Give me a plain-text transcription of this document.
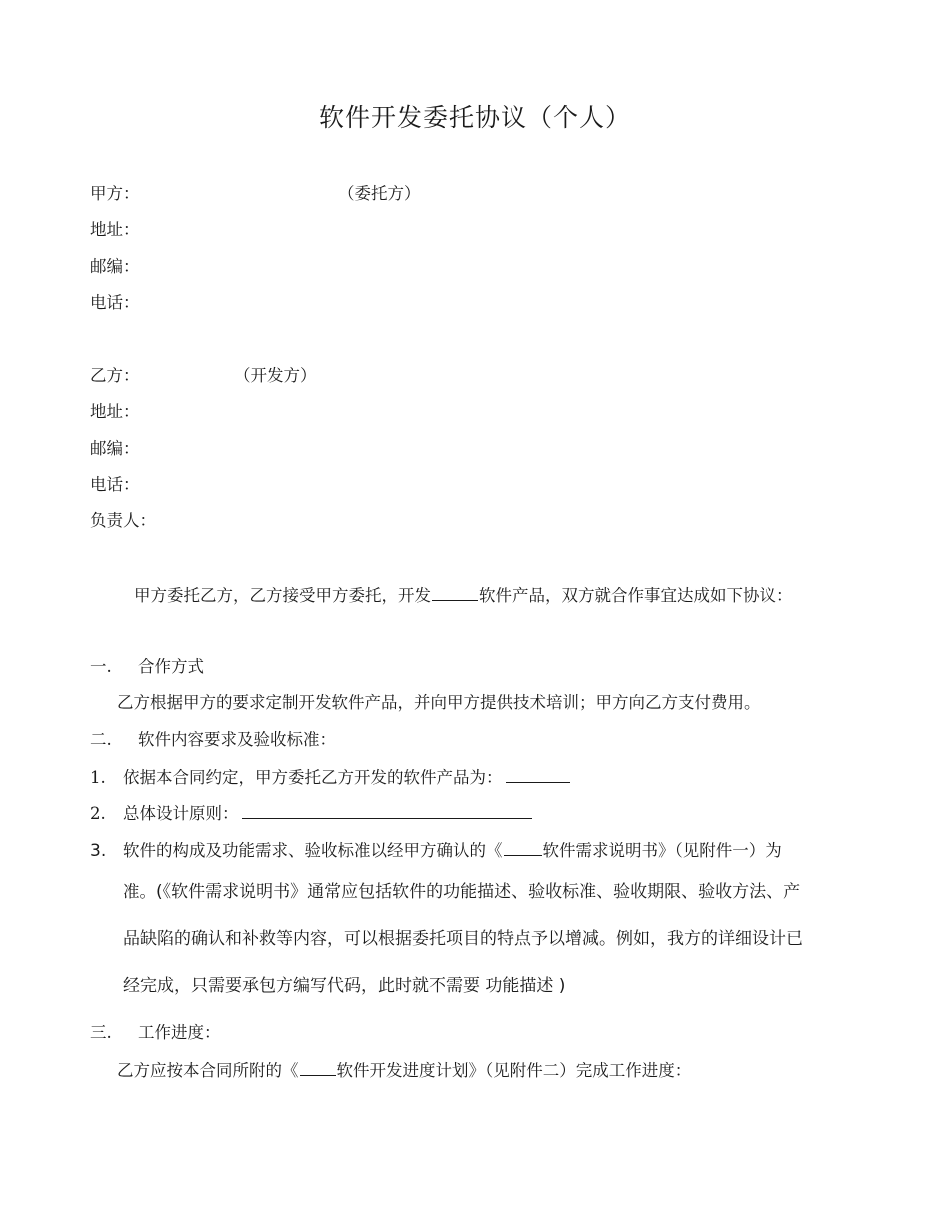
软件开发委托协议（个人）
甲方：	（委托方）
地址：
邮编：
电话：
乙方：	（开发方）
地址：
邮编：
电话：
负责人：
甲方委托乙方，乙方接受甲方委托，开发	软件产品，双方就合作事宜达成如下协议：
一. 合作方式
乙方根据甲方的要求定制开发软件产品，并向甲方提供技术培训；甲方向乙方支付费用。
二. 软件内容要求及验收标准：
1. 依据本合同约定，甲方委托乙方开发的软件产品为：
2. 总体设计原则：
3. 软件的构成及功能需求、验收标准以经甲方确认的《 软件需求说明书》（见附件一）为
准。(《软件需求说明书》通常应包括软件的功能描述、验收标准、验收期限、验收方法、产
品缺陷的确认和补救等内容，可以根据委托项目的特点予以增减。例如，我方的详细设计已
经完成，只需要承包方编写代码，此时就不需要 功能描述 )
三. 工作进度：
乙方应按本合同所附的《 软件开发进度计划》（见附件二）完成工作进度：
